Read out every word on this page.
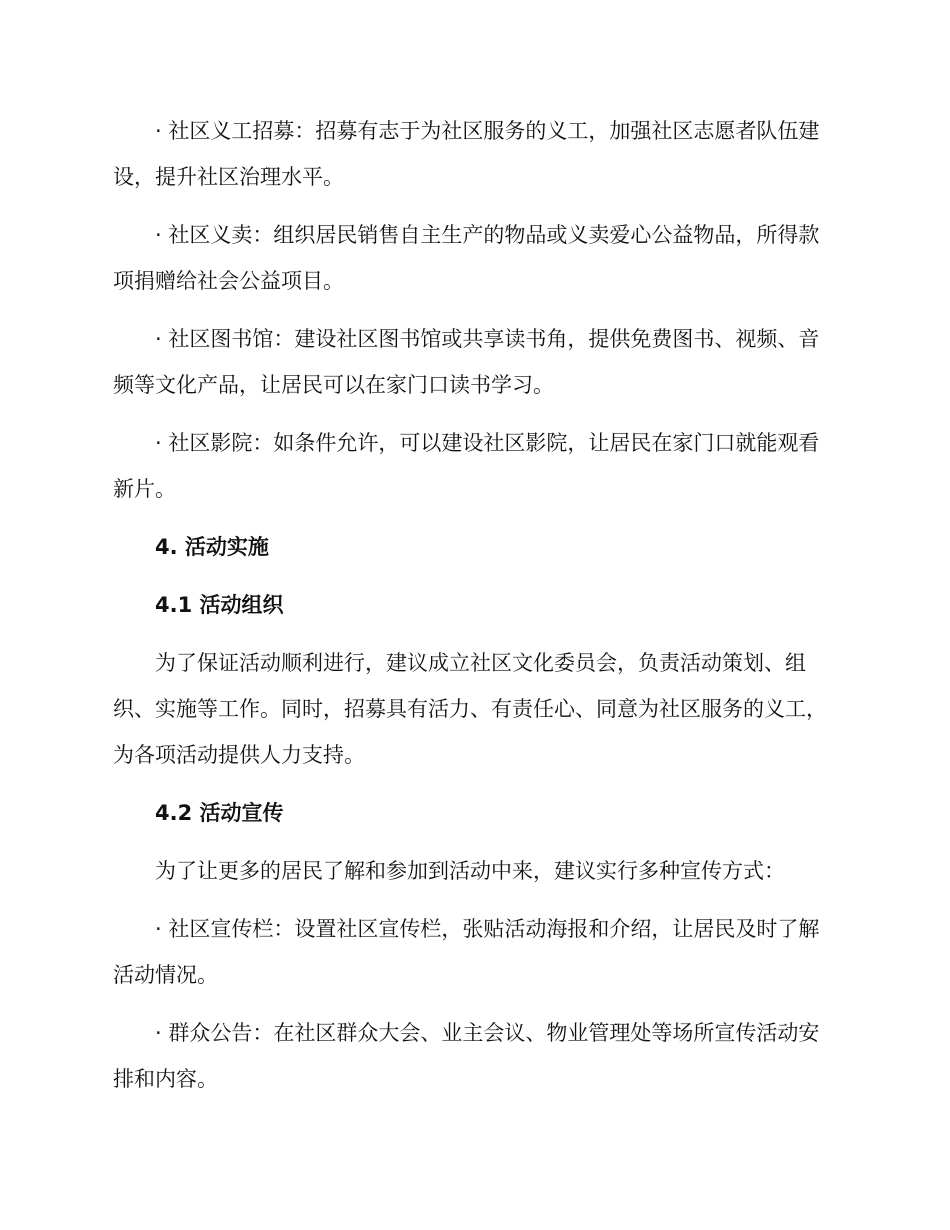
· 社区义工招募：招募有志于为社区服务的义工，加强社区志愿者队伍建设，提升社区治理水平。

· 社区义卖：组织居民销售自主生产的物品或义卖爱心公益物品，所得款项捐赠给社会公益项目。

· 社区图书馆：建设社区图书馆或共享读书角，提供免费图书、视频、音频等文化产品，让居民可以在家门口读书学习。

· 社区影院：如条件允许，可以建设社区影院，让居民在家门口就能观看新片。

4. 活动实施

4.1 活动组织

为了保证活动顺利进行，建议成立社区文化委员会，负责活动策划、组织、实施等工作。同时，招募具有活力、有责任心、同意为社区服务的义工，为各项活动提供人力支持。

4.2 活动宣传

为了让更多的居民了解和参加到活动中来，建议实行多种宣传方式：

· 社区宣传栏：设置社区宣传栏，张贴活动海报和介绍，让居民及时了解活动情况。

· 群众公告：在社区群众大会、业主会议、物业管理处等场所宣传活动安排和内容。
